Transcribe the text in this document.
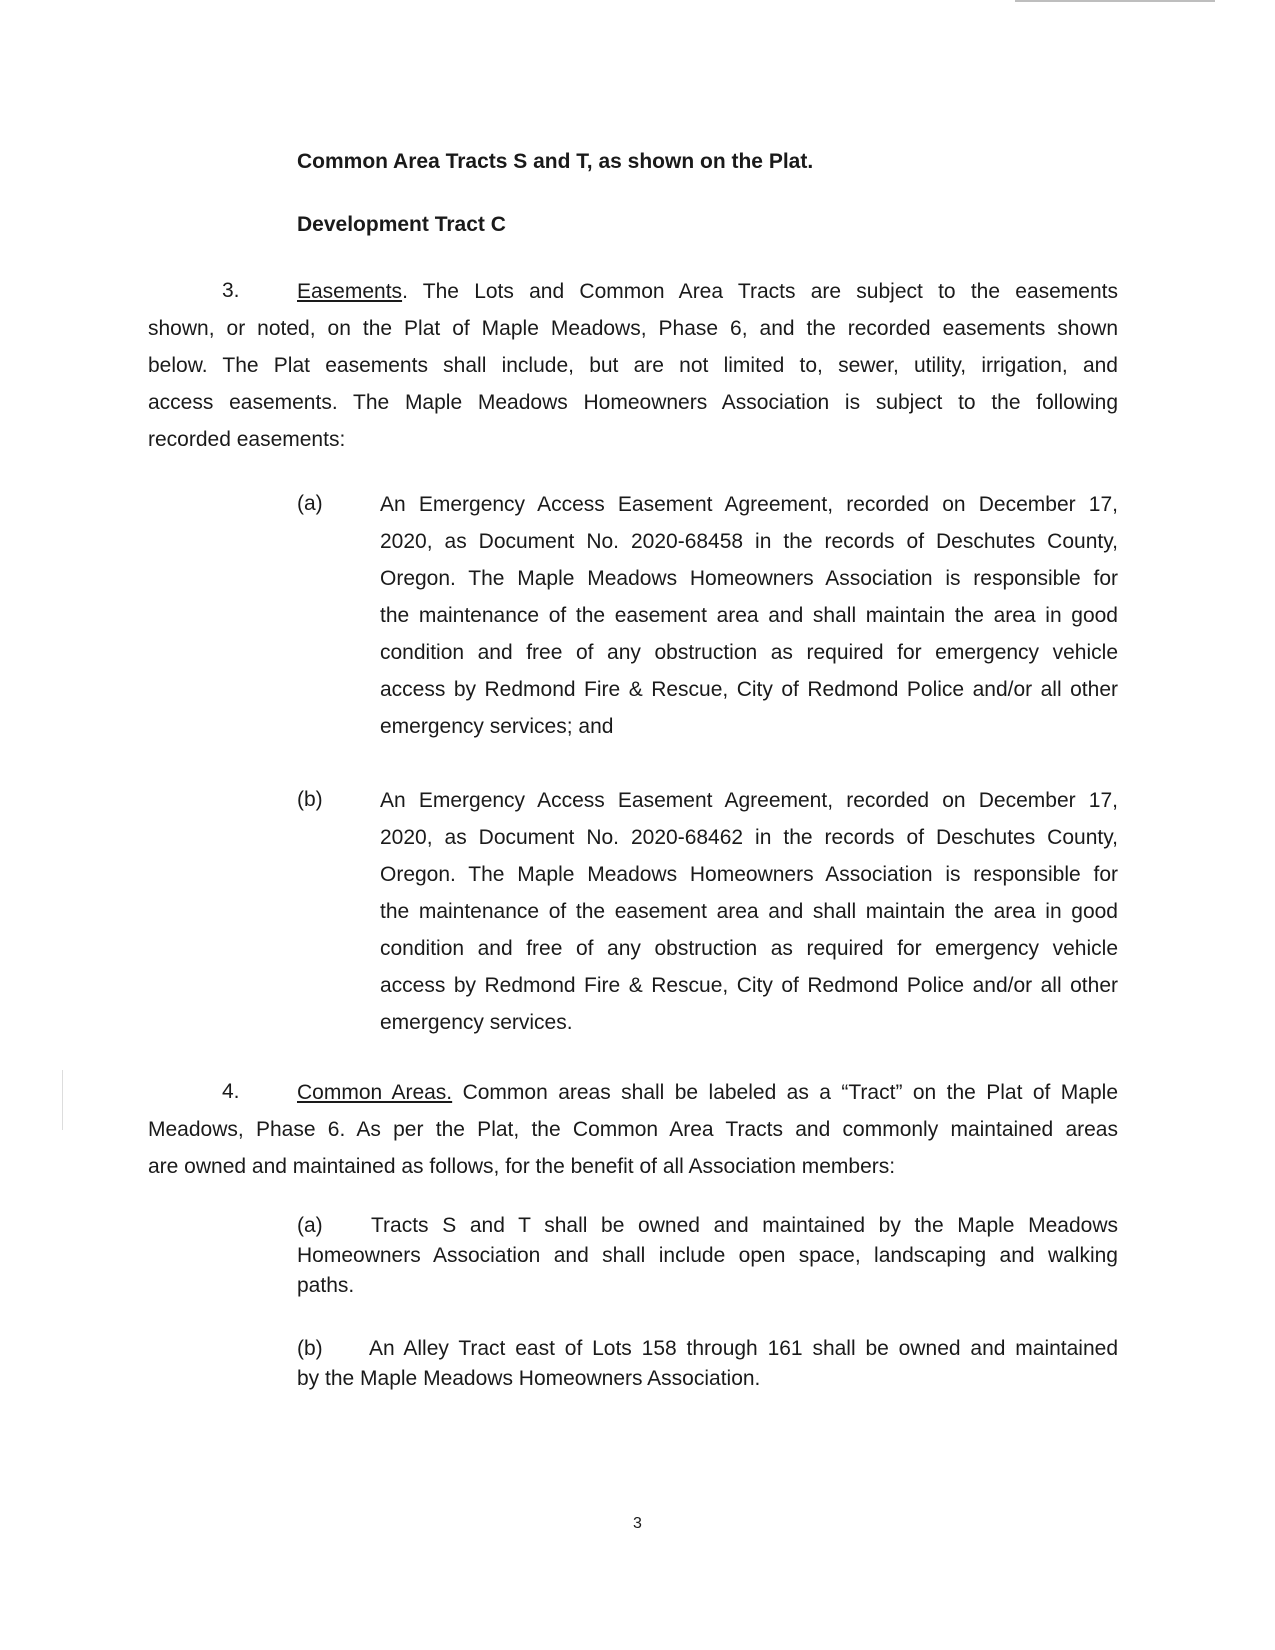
Common Area Tracts S and T, as shown on the Plat.
Development Tract C
3.	Easements. The Lots and Common Area Tracts are subject to the easements
shown, or noted, on the Plat of Maple Meadows, Phase 6, and the recorded easements shown
below. The Plat easements shall include, but are not limited to, sewer, utility, irrigation, and
access easements. The Maple Meadows Homeowners Association is subject to the following
recorded easements:
(a)	An Emergency Access Easement Agreement, recorded on December 17,
2020, as Document No. 2020-68458 in the records of Deschutes County,
Oregon. The Maple Meadows Homeowners Association is responsible for
the maintenance of the easement area and shall maintain the area in good
condition and free of any obstruction as required for emergency vehicle
access by Redmond Fire & Rescue, City of Redmond Police and/or all other
emergency services; and
(b)	An Emergency Access Easement Agreement, recorded on December 17,
2020, as Document No. 2020-68462 in the records of Deschutes County,
Oregon. The Maple Meadows Homeowners Association is responsible for
the maintenance of the easement area and shall maintain the area in good
condition and free of any obstruction as required for emergency vehicle
access by Redmond Fire & Rescue, City of Redmond Police and/or all other
emergency services.
4.	Common Areas. Common areas shall be labeled as a “Tract” on the Plat of Maple
Meadows, Phase 6. As per the Plat, the Common Area Tracts and commonly maintained areas
are owned and maintained as follows, for the benefit of all Association members:
(a) Tracts S and T shall be owned and maintained by the Maple Meadows
Homeowners Association and shall include open space, landscaping and walking
paths.
(b) An Alley Tract east of Lots 158 through 161 shall be owned and maintained
by the Maple Meadows Homeowners Association.
3
